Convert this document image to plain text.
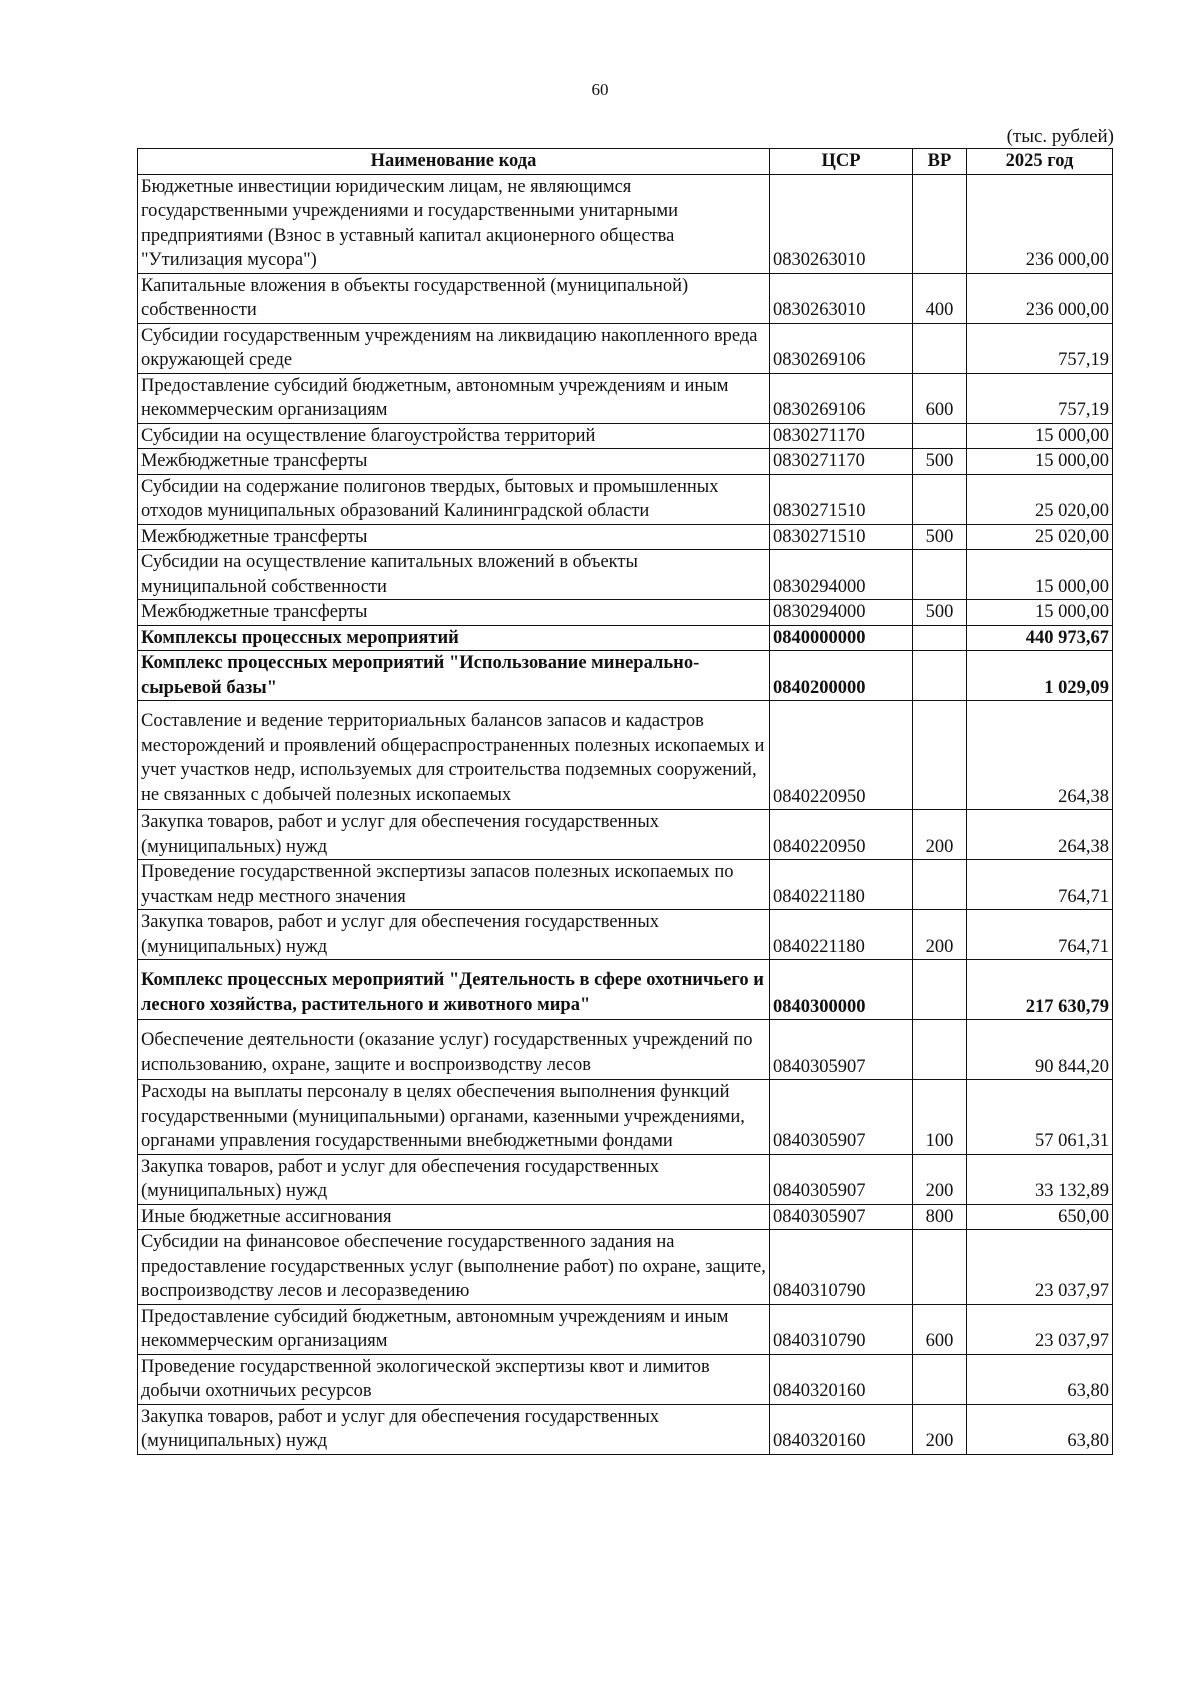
60
(тыс. рублей)
Наименование кода	ЦСР	ВР	2025 год
Бюджетные инвестиции юридическим лицам, не являющимся государственными учреждениями и государственными унитарными предприятиями (Взнос в уставный капитал акционерного общества "Утилизация мусора")	0830263010		236 000,00
Капитальные вложения в объекты государственной (муниципальной) собственности	0830263010	400	236 000,00
Субсидии государственным учреждениям на ликвидацию накопленного вреда окружающей среде	0830269106		757,19
Предоставление субсидий бюджетным, автономным учреждениям и иным некоммерческим организациям	0830269106	600	757,19
Субсидии на осуществление благоустройства территорий	0830271170		15 000,00
Межбюджетные трансферты	0830271170	500	15 000,00
Субсидии на содержание полигонов твердых, бытовых и промышленных отходов муниципальных образований Калининградской области	0830271510		25 020,00
Межбюджетные трансферты	0830271510	500	25 020,00
Субсидии на осуществление капитальных вложений в объекты муниципальной собственности	0830294000		15 000,00
Межбюджетные трансферты	0830294000	500	15 000,00
Комплексы процессных мероприятий	0840000000		440 973,67
Комплекс процессных мероприятий "Использование минерально-сырьевой базы"	0840200000		1 029,09
Составление и ведение территориальных балансов запасов и кадастров месторождений и проявлений общераспространенных полезных ископаемых и учет участков недр, используемых для строительства подземных сооружений, не связанных с добычей полезных ископаемых	0840220950		264,38
Закупка товаров, работ и услуг для обеспечения государственных (муниципальных) нужд	0840220950	200	264,38
Проведение государственной экспертизы запасов полезных ископаемых по участкам недр местного значения	0840221180		764,71
Закупка товаров, работ и услуг для обеспечения государственных (муниципальных) нужд	0840221180	200	764,71
Комплекс процессных мероприятий "Деятельность в сфере охотничьего и лесного хозяйства, растительного и животного мира"	0840300000		217 630,79
Обеспечение деятельности (оказание услуг) государственных учреждений по использованию, охране, защите и воспроизводству лесов	0840305907		90 844,20
Расходы на выплаты персоналу в целях обеспечения выполнения функций государственными (муниципальными) органами, казенными учреждениями, органами управления государственными внебюджетными фондами	0840305907	100	57 061,31
Закупка товаров, работ и услуг для обеспечения государственных (муниципальных) нужд	0840305907	200	33 132,89
Иные бюджетные ассигнования	0840305907	800	650,00
Субсидии на финансовое обеспечение государственного задания на предоставление государственных услуг (выполнение работ) по охране, защите, воспроизводству лесов и лесоразведению	0840310790		23 037,97
Предоставление субсидий бюджетным, автономным учреждениям и иным некоммерческим организациям	0840310790	600	23 037,97
Проведение государственной экологической экспертизы квот и лимитов добычи охотничьих ресурсов	0840320160		63,80
Закупка товаров, работ и услуг для обеспечения государственных (муниципальных) нужд	0840320160	200	63,80
